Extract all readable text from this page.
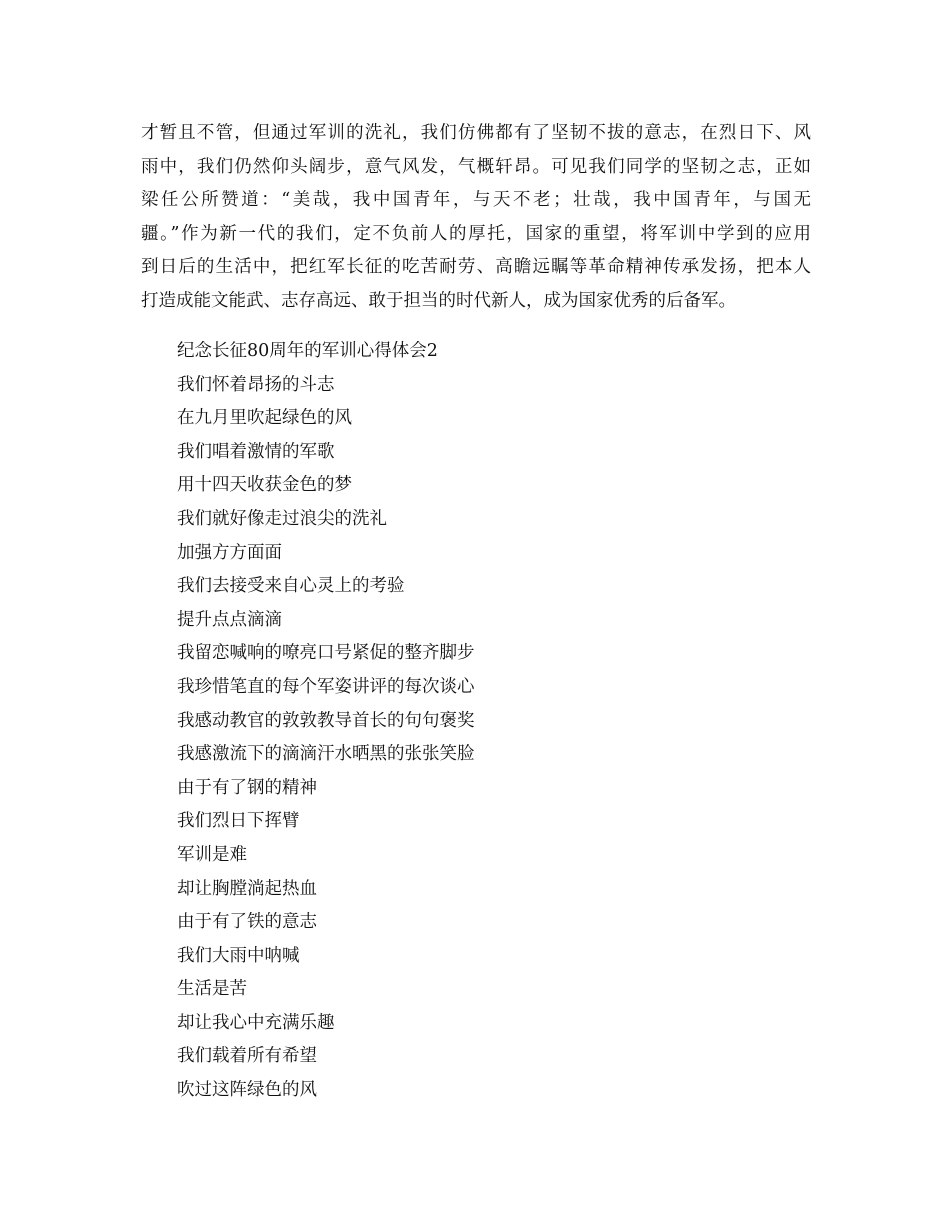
才暂且不管，但通过军训的洗礼，我们仿佛都有了坚韧不拔的意志，在烈日下、风
雨中，我们仍然仰头阔步，意气风发，气概轩昂。可见我们同学的坚韧之志，正如
梁任公所赞道：“美哉，我中国青年，与天不老；壮哉，我中国青年，与国无
疆。”作为新一代的我们，定不负前人的厚托，国家的重望，将军训中学到的应用
到日后的生活中，把红军长征的吃苦耐劳、高瞻远瞩等革命精神传承发扬，把本人
打造成能文能武、志存高远、敢于担当的时代新人，成为国家优秀的后备军。
纪念长征80周年的军训心得体会2
我们怀着昂扬的斗志
在九月里吹起绿色的风
我们唱着激情的军歌
用十四天收获金色的梦
我们就好像走过浪尖的洗礼
加强方方面面
我们去接受来自心灵上的考验
提升点点滴滴
我留恋喊响的嘹亮口号紧促的整齐脚步
我珍惜笔直的每个军姿讲评的每次谈心
我感动教官的敦敦教导首长的句句褒奖
我感激流下的滴滴汗水晒黑的张张笑脸
由于有了钢的精神
我们烈日下挥臂
军训是难
却让胸膛淌起热血
由于有了铁的意志
我们大雨中呐喊
生活是苦
却让我心中充满乐趣
我们载着所有希望
吹过这阵绿色的风
